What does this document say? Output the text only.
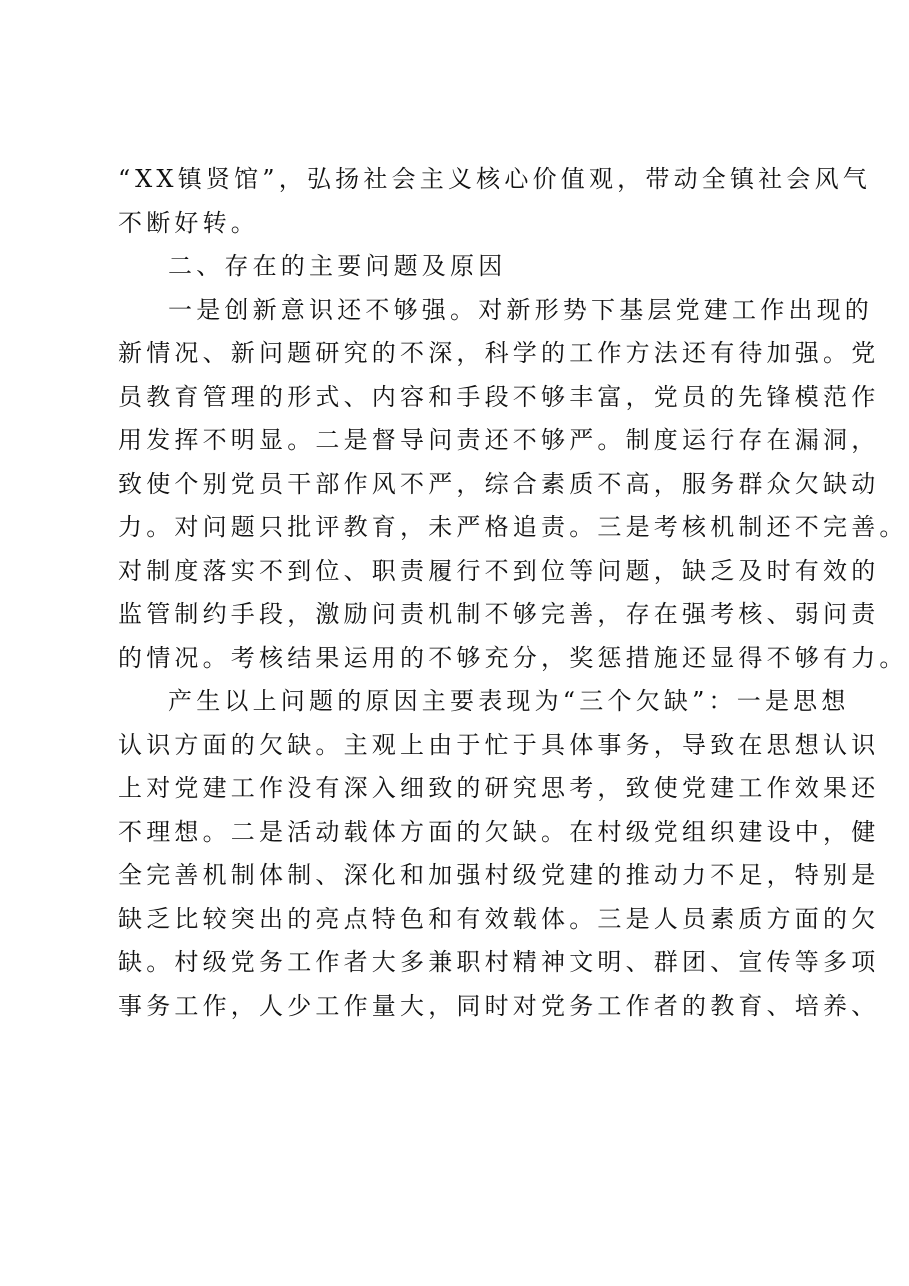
“XX镇贤馆”，弘扬社会主义核心价值观，带动全镇社会风气
不断好转。
二、存在的主要问题及原因
一是创新意识还不够强。对新形势下基层党建工作出现的
新情况、新问题研究的不深，科学的工作方法还有待加强。党
员教育管理的形式、内容和手段不够丰富，党员的先锋模范作
用发挥不明显。二是督导问责还不够严。制度运行存在漏洞，
致使个别党员干部作风不严，综合素质不高，服务群众欠缺动
力。对问题只批评教育，未严格追责。三是考核机制还不完善。
对制度落实不到位、职责履行不到位等问题，缺乏及时有效的
监管制约手段，激励问责机制不够完善，存在强考核、弱问责
的情况。考核结果运用的不够充分，奖惩措施还显得不够有力。
产生以上问题的原因主要表现为“三个欠缺”：一是思想
认识方面的欠缺。主观上由于忙于具体事务，导致在思想认识
上对党建工作没有深入细致的研究思考，致使党建工作效果还
不理想。二是活动载体方面的欠缺。在村级党组织建设中，健
全完善机制体制、深化和加强村级党建的推动力不足，特别是
缺乏比较突出的亮点特色和有效载体。三是人员素质方面的欠
缺。村级党务工作者大多兼职村精神文明、群团、宣传等多项
事务工作，人少工作量大，同时对党务工作者的教育、培养、
